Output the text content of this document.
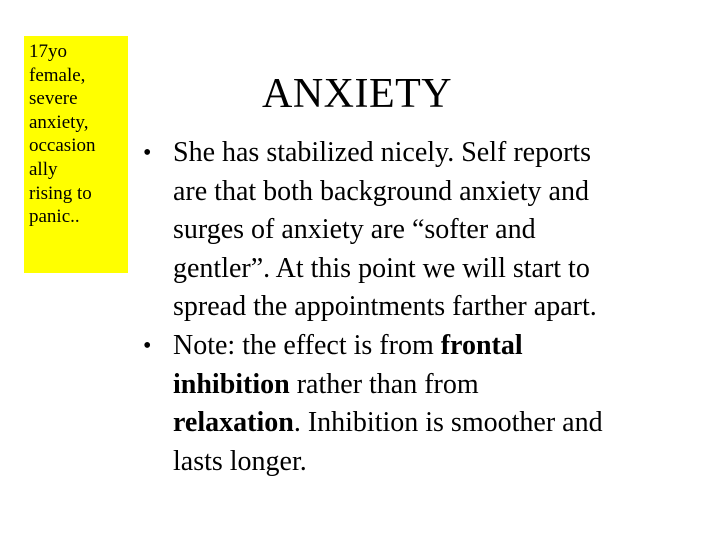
17yo
female,
severe
anxiety,
occasion
ally
rising to
panic..
ANXIETY
• She has stabilized nicely. Self reports
are that both background anxiety and
surges of anxiety are “softer and
gentler”. At this point we will start to
spread the appointments farther apart.
• Note: the effect is from frontal
inhibition rather than from
relaxation. Inhibition is smoother and
lasts longer.
